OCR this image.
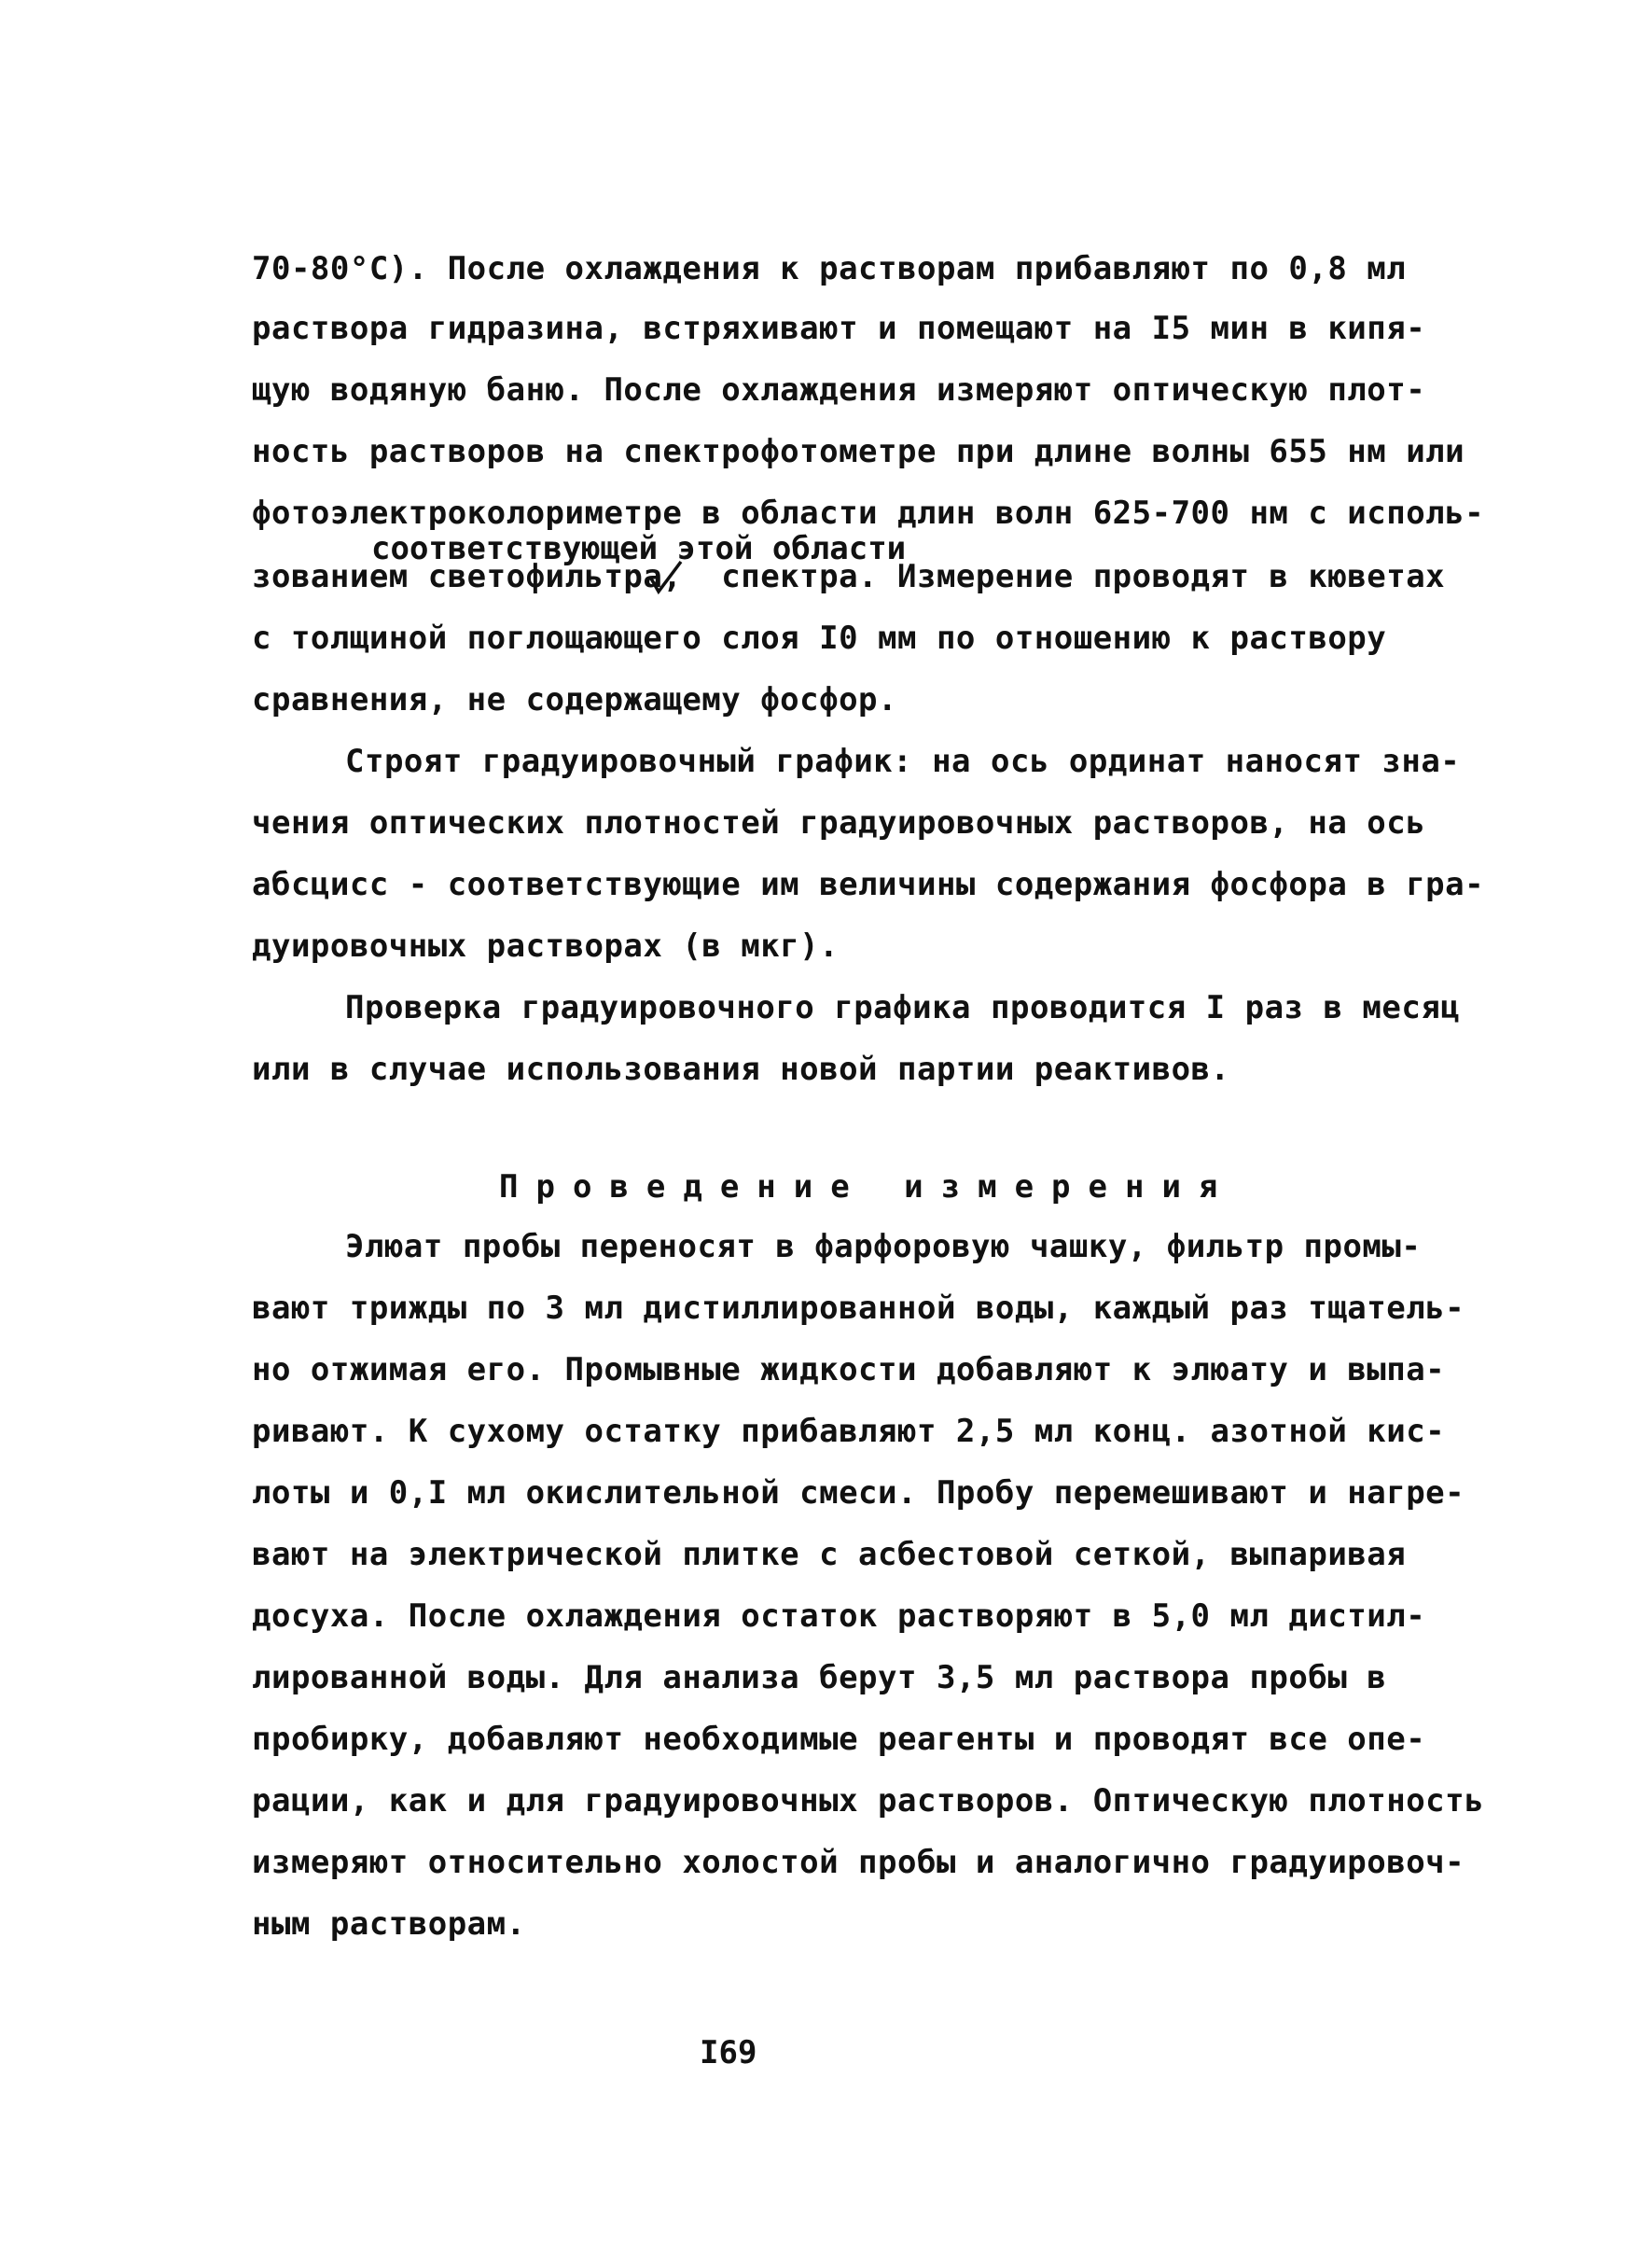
70-80°С). После охлаждения к растворам прибавляют по 0,8 мл
раствора гидразина, встряхивают и помещают на I5 мин в кипя-
щую водяную баню. После охлаждения измеряют оптическую плот-
ность растворов на спектрофотометре при длине волны 655 нм или
фотоэлектроколориметре в области длин волн 625-700 нм с исполь-
соответствующей этой области
зованием светофильтра,  спектра. Измерение проводят в кюветах
с толщиной поглощающего слоя I0 мм по отношению к раствору
сравнения, не содержащему фосфор.
Строят градуировочный график: на ось ординат наносят зна-
чения оптических плотностей градуировочных растворов, на ось
абсцисс - соответствующие им величины содержания фосфора в гра-
дуировочных растворах (в мкг).
Проверка градуировочного графика проводится I раз в месяц
или в случае использования новой партии реактивов.
Проведение измерения
Элюат пробы переносят в фарфоровую чашку, фильтр промы-
вают трижды по 3 мл дистиллированной воды, каждый раз тщатель-
но отжимая его. Промывные жидкости добавляют к элюату и выпа-
ривают. К сухому остатку прибавляют 2,5 мл конц. азотной кис-
лоты и 0,I мл окислительной смеси. Пробу перемешивают и нагре-
вают на электрической плитке с асбестовой сеткой, выпаривая
досуха. После охлаждения остаток растворяют в 5,0 мл дистил-
лированной воды. Для анализа берут 3,5 мл раствора пробы в
пробирку, добавляют необходимые реагенты и проводят все опе-
рации, как и для градуировочных растворов. Оптическую плотность
измеряют относительно холостой пробы и аналогично градуировоч-
ным растворам.
I69
